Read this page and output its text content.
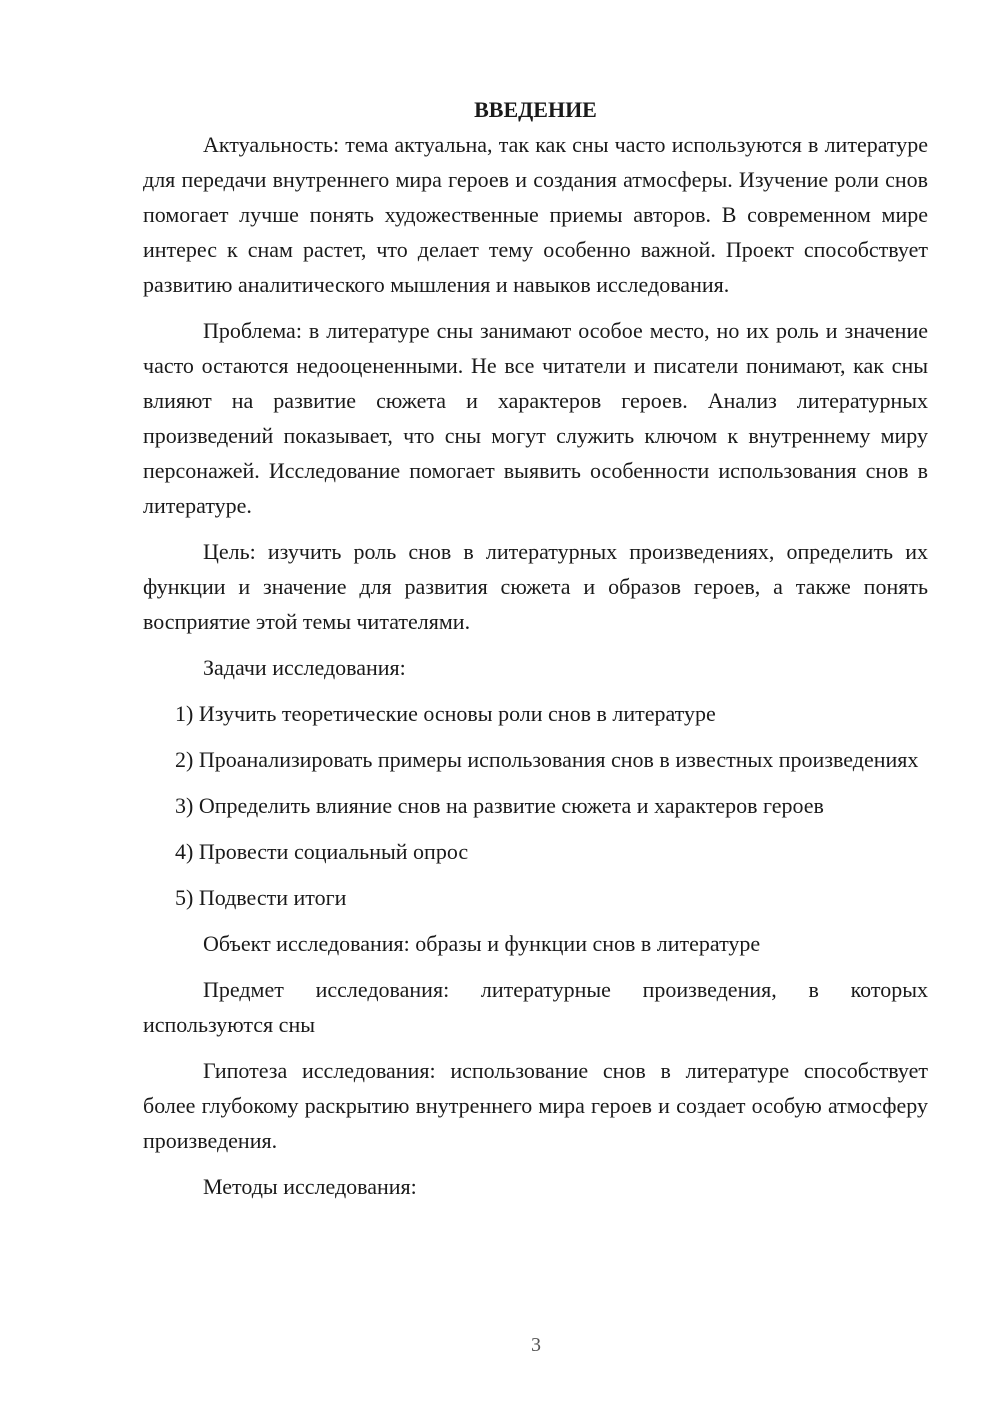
ВВЕДЕНИЕ

Актуальность: тема актуальна, так как сны часто используются в литературе для передачи внутреннего мира героев и создания атмосферы. Изучение роли снов помогает лучше понять художественные приемы авторов. В современном мире интерес к снам растет, что делает тему особенно важной. Проект способствует развитию аналитического мышления и навыков исследования.

Проблема: в литературе сны занимают особое место, но их роль и значение часто остаются недооцененными. Не все читатели и писатели понимают, как сны влияют на развитие сюжета и характеров героев. Анализ литературных произведений показывает, что сны могут служить ключом к внутреннему миру персонажей. Исследование помогает выявить особенности использования снов в литературе.

Цель: изучить роль снов в литературных произведениях, определить их функции и значение для развития сюжета и образов героев, а также понять восприятие этой темы читателями.

Задачи исследования:

1) Изучить теоретические основы роли снов в литературе

2) Проанализировать примеры использования снов в известных произведениях

3) Определить влияние снов на развитие сюжета и характеров героев

4) Провести социальный опрос

5) Подвести итоги

Объект исследования: образы и функции снов в литературе

Предмет исследования: литературные произведения, в которых используются сны

Гипотеза исследования: использование снов в литературе способствует более глубокому раскрытию внутреннего мира героев и создает особую атмосферу произведения.

Методы исследования:

3
